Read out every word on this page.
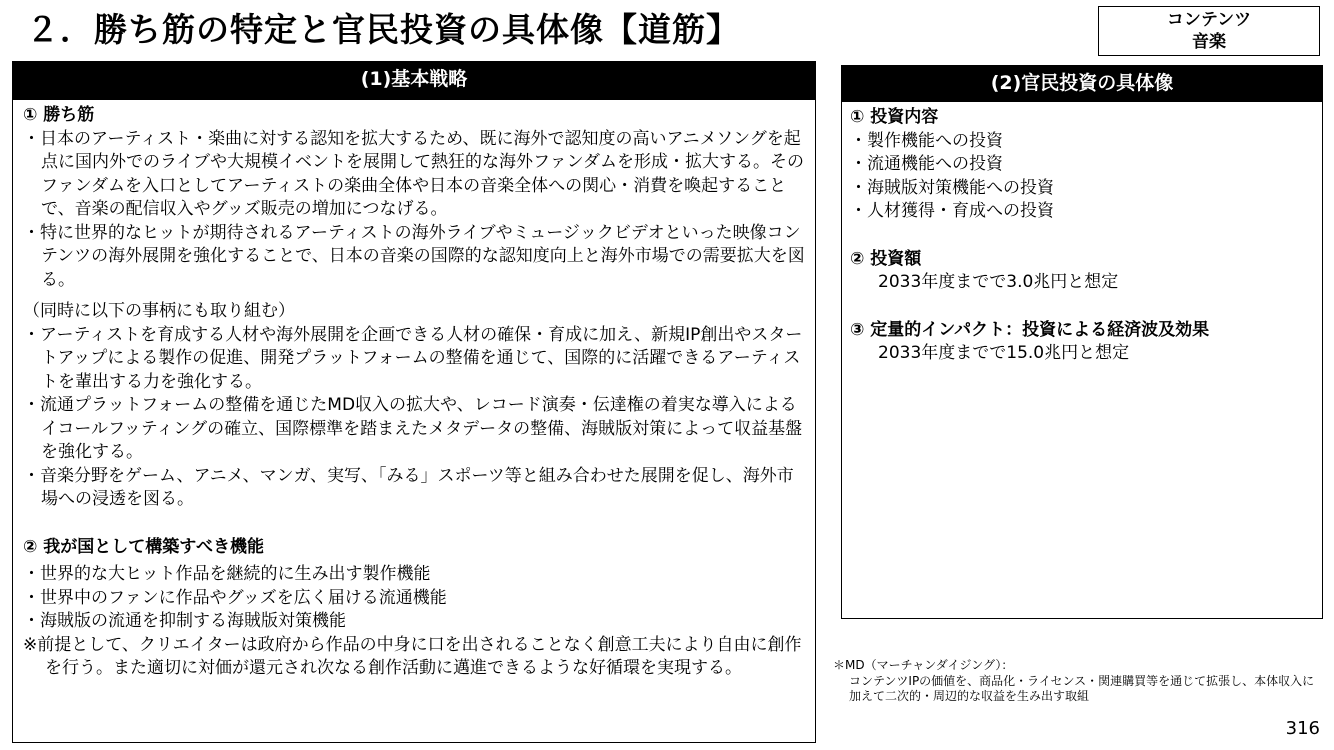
２．勝ち筋の特定と官民投資の具体像【道筋】	コンテンツ
音楽
(1)基本戦略
① 勝ち筋
・日本のアーティスト・楽曲に対する認知を拡大するため、既に海外で認知度の高いアニメソングを起点に国内外でのライブや大規模イベントを展開して熱狂的な海外ファンダムを形成・拡大する。そのファンダムを入口としてアーティストの楽曲全体や日本の音楽全体への関心・消費を喚起することで、音楽の配信収入やグッズ販売の増加につなげる。
・特に世界的なヒットが期待されるアーティストの海外ライブやミュージックビデオといった映像コンテンツの海外展開を強化することで、日本の音楽の国際的な認知度向上と海外市場での需要拡大を図る。
（同時に以下の事柄にも取り組む）
・アーティストを育成する人材や海外展開を企画できる人材の確保・育成に加え、新規IP創出やスタートアップによる製作の促進、開発プラットフォームの整備を通じて、国際的に活躍できるアーティストを輩出する力を強化する。
・流通プラットフォームの整備を通じたMD収入の拡大や、レコード演奏・伝達権の着実な導入によるイコールフッティングの確立、国際標準を踏まえたメタデータの整備、海賊版対策によって収益基盤を強化する。
・音楽分野をゲーム、アニメ、マンガ、実写、「みる」スポーツ等と組み合わせた展開を促し、海外市場への浸透を図る。
② 我が国として構築すべき機能
・世界的な大ヒット作品を継続的に生み出す製作機能
・世界中のファンに作品やグッズを広く届ける流通機能
・海賊版の流通を抑制する海賊版対策機能
※前提として、クリエイターは政府から作品の中身に口を出されることなく創意工夫により自由に創作を行う。また適切に対価が還元され次なる創作活動に邁進できるような好循環を実現する。
(2)官民投資の具体像
① 投資内容
・製作機能への投資
・流通機能への投資
・海賊版対策機能への投資
・人材獲得・育成への投資
② 投資額
2033年度までで3.0兆円と想定
③ 定量的インパクト：投資による経済波及効果
2033年度までで15.0兆円と想定
＊MD（マーチャンダイジング）：
コンテンツIPの価値を、商品化・ライセンス・関連購買等を通じて拡張し、本体収入に加えて二次的・周辺的な収益を生み出す取組
316
